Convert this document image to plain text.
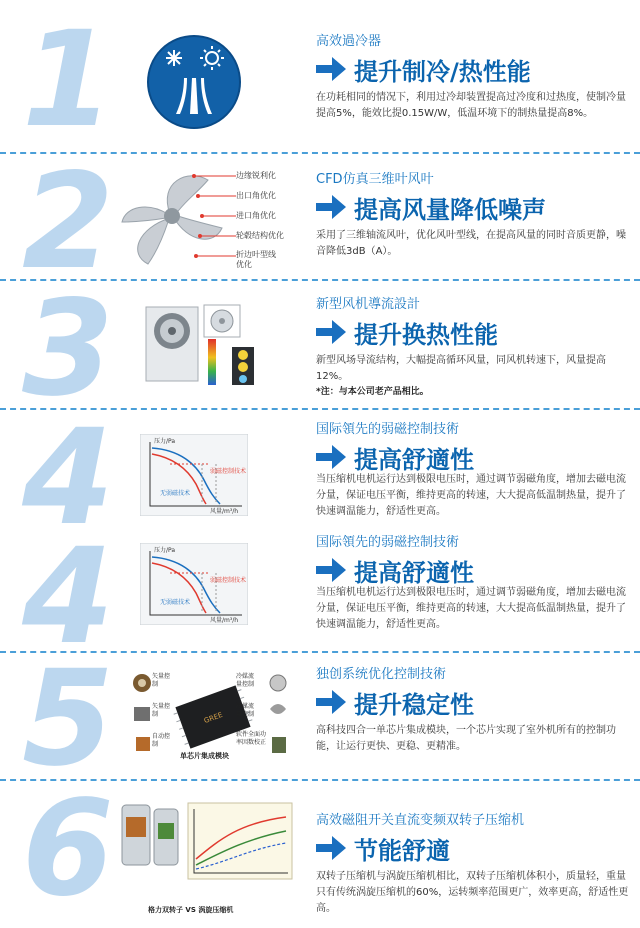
1	高效過冷器
提升制冷/热性能
在功耗相同的情况下，利用过冷却装置提高过冷度和过热度，使制冷量提高5%，能效比提0.15W/W，低温环境下的制热量提高8%。
2	边缘锐利化
出口角优化
进口角优化
轮毂结构优化
折边叶型线优化
CFD仿真三维叶风叶
提高风量降低噪声
采用了三维轴流风叶，优化风叶型线，在提高风量的同时音质更静，噪音降低3dB（A）。
3	新型风机導流設計
提升换热性能
新型风场导流结构，大幅提高循环风量，同风机转速下，风量提高12%。
*注：与本公司老产品相比。
4	压力/Pa
弱磁控制技术
无弱磁技术
风量/m³/h
国际領先的弱磁控制技術
提高舒適性
当压缩机电机运行达到极限电压时，通过调节弱磁角度，增加去磁电流分量，保证电压平衡，维持更高的转速，大大提高低温制热量，提升了快速调温能力，舒适性更高。
4	压力/Pa
弱磁控制技术
无弱磁技术
风量/m³/h
国际領先的弱磁控制技術
提高舒適性
当压缩机电机运行达到极限电压时，通过调节弱磁角度，增加去磁电流分量，保证电压平衡，维持更高的转速，大大提高低温制热量，提升了快速调温能力，舒适性更高。
5	GREE
矢量控制
冷媒流量控制
矢量控制
冷媒流量控制
自动控制
软件全面功率因数校正
单芯片集成模块
独创系统优化控制技術
提升稳定性
高科技四合一单芯片集成模块，一个芯片实现了室外机所有的控制功能，让运行更快、更稳、更精准。
6	格力双转子 VS 涡旋压缩机
高效磁阻开关直流变频双转子压缩机
节能舒適
双转子压缩机与涡旋压缩机相比，双转子压缩机体积小，质量轻，重量只有传统涡旋压缩机的60%，运转频率范围更广，效率更高，舒适性更高。
